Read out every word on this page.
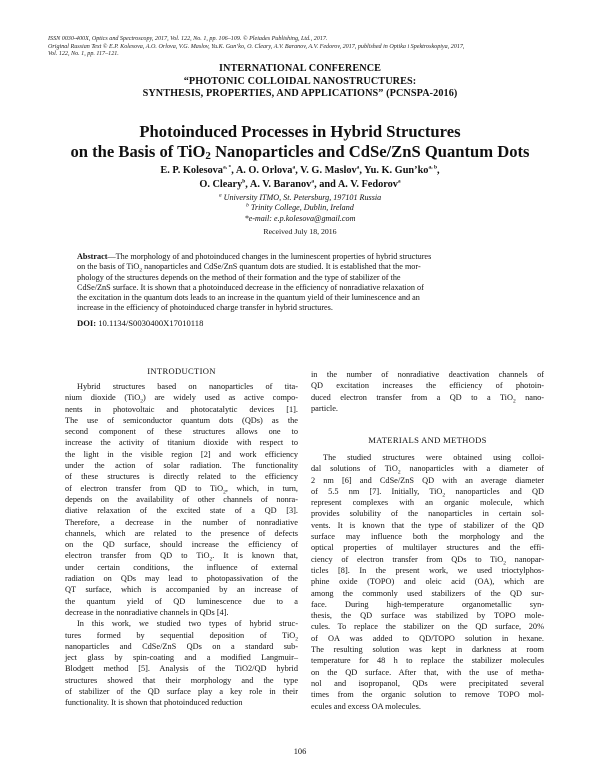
ISSN 0030-400X, Optics and Spectroscopy, 2017, Vol. 122, No. 1, pp. 106–109. © Pleiades Publishing, Ltd., 2017.
Original Russian Text © E.P. Kolesova, A.O. Orlova, V.G. Maslov, Yu.K. Gun’ko, O. Cleary, A.V. Baranov, A.V. Fedorov, 2017, published in Optika i Spektroskopiya, 2017,
Vol. 122, No. 1, pp. 117–121.
INTERNATIONAL CONFERENCE
“PHOTONIC COLLOIDAL NANOSTRUCTURES:
SYNTHESIS, PROPERTIES, AND APPLICATIONS” (PCNSPA-2016)
Photoinduced Processes in Hybrid Structures
on the Basis of TiO$_2$ Nanoparticles and CdSe/ZnS Quantum Dots
E. P. Kolesova$^{a, *}$, A. O. Orlova$^a$, V. G. Maslov$^a$, Yu. K. Gun’ko$^{a, b}$,
O. Cleary$^b$, A. V. Baranov$^a$, and A. V. Fedorov$^a$
$^a$ University ITMO, St. Petersburg, 197101 Russia
$^b$ Trinity College, Dublin, Ireland
*e-mail: e.p.kolesova@gmail.com
Received July 18, 2016
Abstract—The morphology of and photoinduced changes in the luminescent properties of hybrid structures
on the basis of TiO$_2$ nanoparticles and CdSe/ZnS quantum dots are studied. It is established that the mor-
phology of the structures depends on the method of their formation and the type of stabilizer of the
CdSe/ZnS surface. It is shown that a photoinduced decrease in the efficiency of nonradiative relaxation of
the excitation in the quantum dots leads to an increase in the quantum yield of their luminescence and an
increase in the efficiency of photoinduced charge transfer in hybrid structures.
DOI: 10.1134/S0030400X17010118
INTRODUCTION

Hybrid structures based on nanoparticles of tita-
nium dioxide (TiO$_2$) are widely used as active compo-
nents in photovoltaic and photocatalytic devices [1].
The use of semiconductor quantum dots (QDs) as the
second component of these structures allows one to
increase the activity of titanium dioxide with respect to
the light in the visible region [2] and work efficiency
under the action of solar radiation. The functionality
of these structures is directly related to the efficiency
of electron transfer from QD to TiO$_2$, which, in turn,
depends on the availability of other channels of nonra-
diative relaxation of the excited state of a QD [3].
Therefore, a decrease in the number of nonradiative
channels, which are related to the presence of defects
on the QD surface, should increase the efficiency of
electron transfer from QD to TiO$_2$. It is known that,
under certain conditions, the influence of external
radiation on QDs may lead to photopassivation of the
QT surface, which is accompanied by an increase of
the quantum yield of QD luminescence due to a
decrease in the nonradiative channels in QDs [4].

In this work, we studied two types of hybrid struc-
tures formed by sequential deposition of TiO$_2$
nanoparticles and CdSe/ZnS QDs on a standard sub-
ject glass by spin-coating and a modified Langmuir–
Blodgett method [5]. Analysis of the TiO2/QD hybrid
structures showed that their morphology and the type
of stabilizer of the QD surface play a key role in their
functionality. It is shown that photoinduced reduction

in the number of nonradiative deactivation channels of
QD excitation increases the efficiency of photoin-
duced electron transfer from a QD to a TiO$_2$ nano-
particle.

MATERIALS AND METHODS

The studied structures were obtained using colloi-
dal solutions of TiO$_2$ nanoparticles with a diameter of
2 nm [6] and CdSe/ZnS QD with an average diameter
of 5.5 nm [7]. Initially, TiO$_2$ nanoparticles and QD
represent complexes with an organic molecule, which
provides solubility of the nanoparticles in certain sol-
vents. It is known that the type of stabilizer of the QD
surface may influence both the morphology and the
optical properties of multilayer structures and the effi-
ciency of electron transfer from QDs to TiO$_2$ nanopar-
ticles [8]. In the present work, we used trioctylphos-
phine oxide (TOPO) and oleic acid (OA), which are
among the commonly used stabilizers of the QD sur-
face. During high-temperature organometallic syn-
thesis, the QD surface was stabilized by TOPO mole-
cules. To replace the stabilizer on the QD surface, 20%
of OA was added to QD/TOPO solution in hexane.
The resulting solution was kept in darkness at room
temperature for 48 h to replace the stabilizer molecules
on the QD surface. After that, with the use of metha-
nol and isopropanol, QDs were precipitated several
times from the organic solution to remove TOPO mol-
ecules and excess OA molecules.

106
